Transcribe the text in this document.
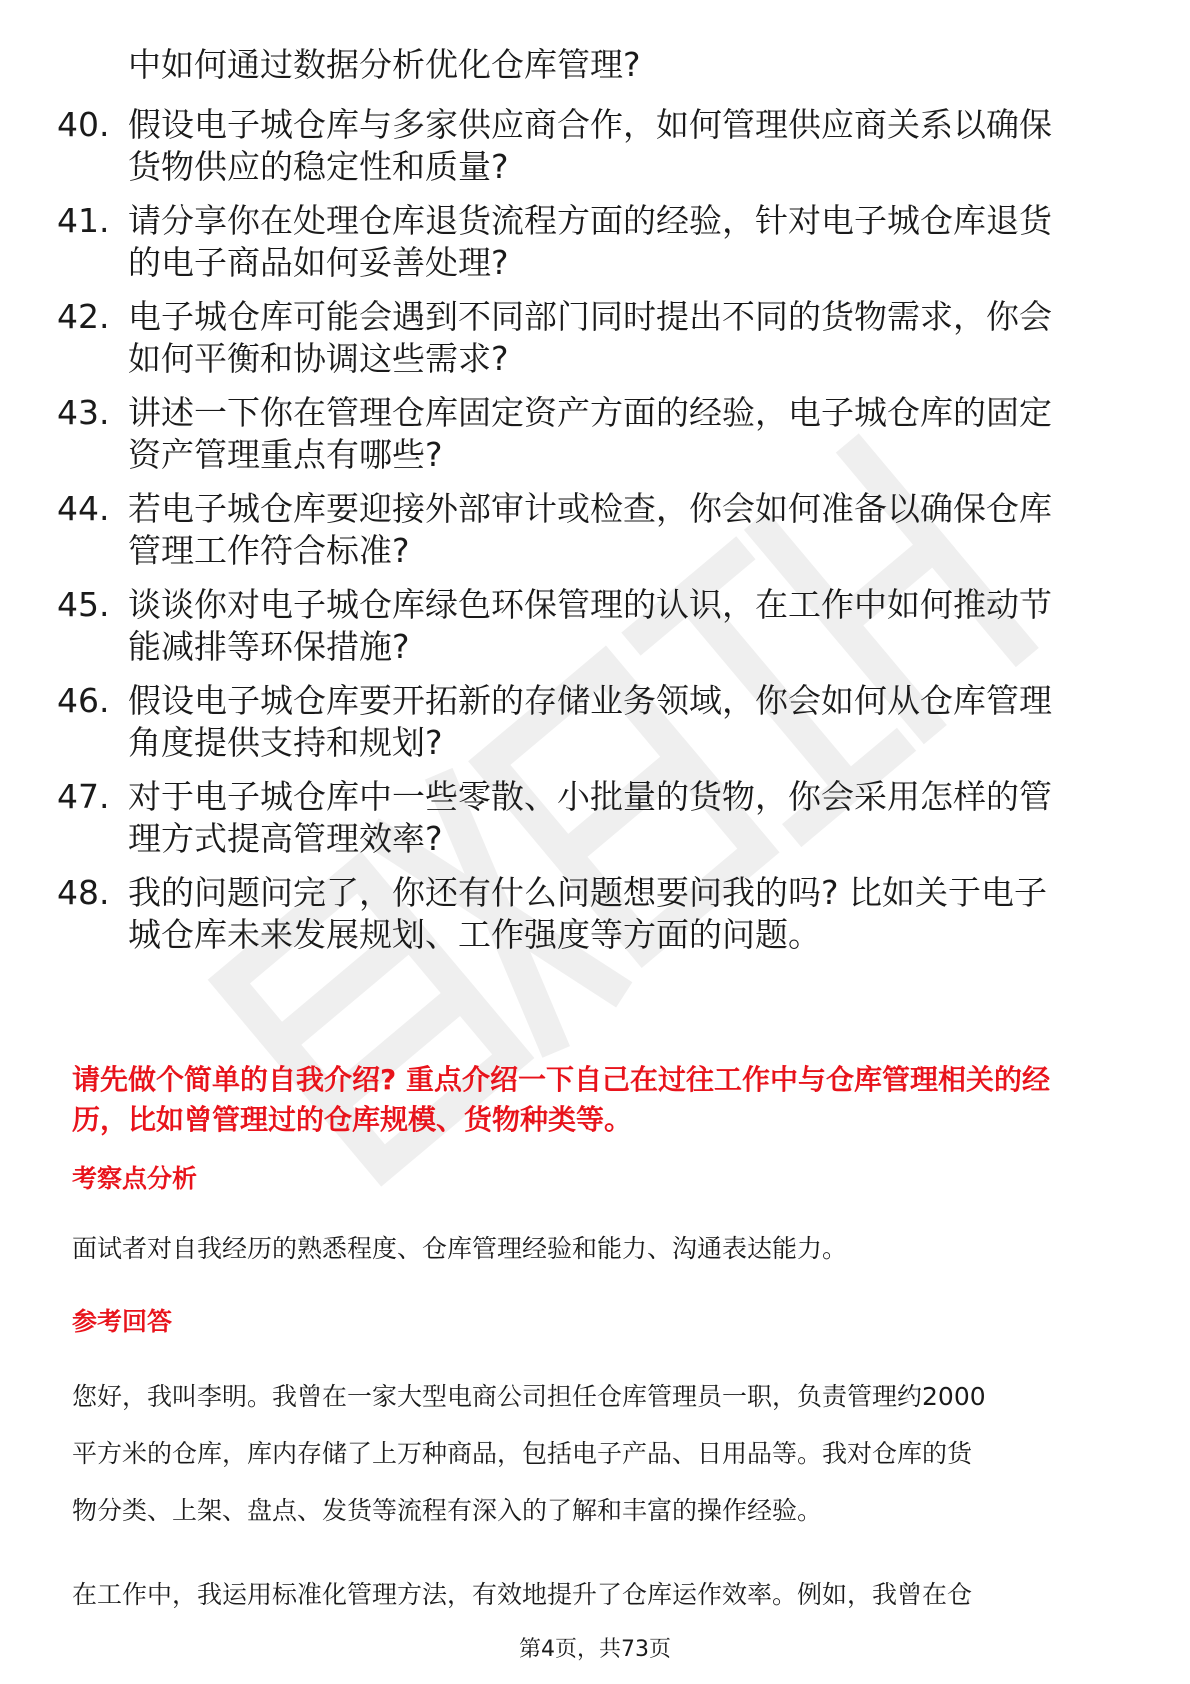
中如何通过数据分析优化仓库管理?
40. 假设电子城仓库与多家供应商合作，如何管理供应商关系以确保
货物供应的稳定性和质量?
41. 请分享你在处理仓库退货流程方面的经验，针对电子城仓库退货
的电子商品如何妥善处理?
42. 电子城仓库可能会遇到不同部门同时提出不同的货物需求，你会
如何平衡和协调这些需求?
43. 讲述一下你在管理仓库固定资产方面的经验，电子城仓库的固定
资产管理重点有哪些?
44. 若电子城仓库要迎接外部审计或检查，你会如何准备以确保仓库
管理工作符合标准?
45. 谈谈你对电子城仓库绿色环保管理的认识，在工作中如何推动节
能减排等环保措施?
46. 假设电子城仓库要开拓新的存储业务领域，你会如何从仓库管理
角度提供支持和规划?
47. 对于电子城仓库中一些零散、小批量的货物，你会采用怎样的管
理方式提高管理效率?
48. 我的问题问完了，你还有什么问题想要问我的吗? 比如关于电子
城仓库未来发展规划、工作强度等方面的问题。
请先做个简单的自我介绍? 重点介绍一下自己在过往工作中与仓库管理相关的经
历，比如曾管理过的仓库规模、货物种类等。
考察点分析
面试者对自我经历的熟悉程度、仓库管理经验和能力、沟通表达能力。
参考回答
您好，我叫李明。我曾在一家大型电商公司担任仓库管理员一职，负责管理约2000
平方米的仓库，库内存储了上万种商品，包括电子产品、日用品等。我对仓库的货
物分类、上架、盘点、发货等流程有深入的了解和丰富的操作经验。
在工作中，我运用标准化管理方法，有效地提升了仓库运作效率。例如，我曾在仓
第4页，共73页
